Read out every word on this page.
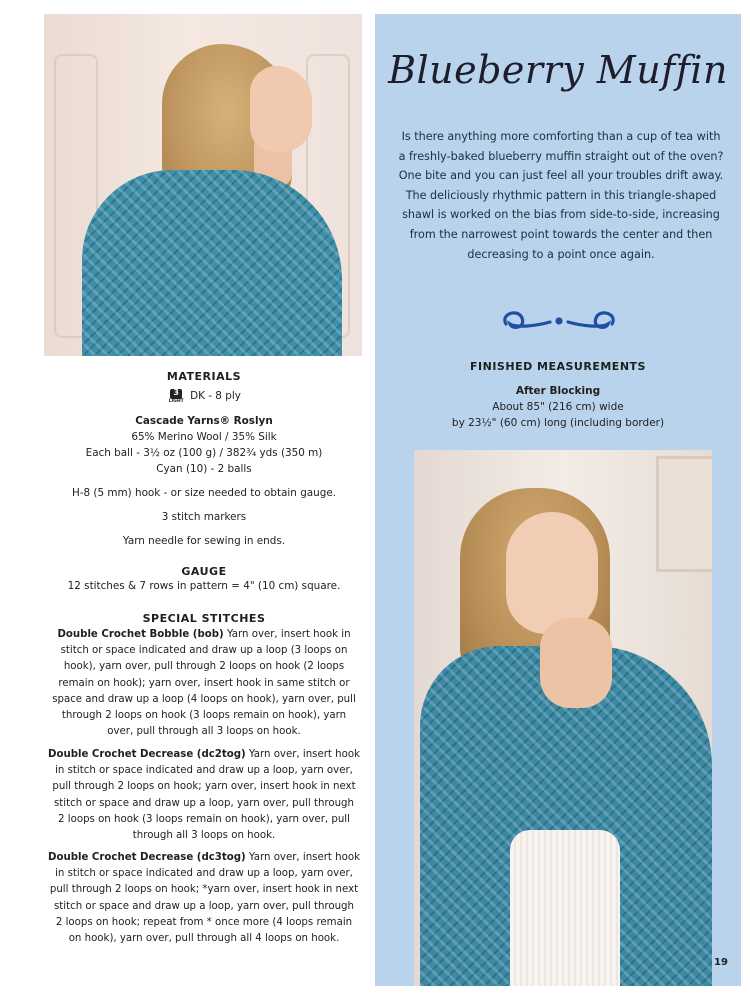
Blueberry Muffin
Is there anything more comforting than a cup of tea with a freshly-baked blueberry muffin straight out of the oven? One bite and you can just feel all your troubles drift away. The deliciously rhythmic pattern in this triangle-shaped shawl is worked on the bias from side-to-side, increasing from the narrowest point towards the center and then decreasing to a point once again.
FINISHED MEASUREMENTS
After Blocking
About 85" (216 cm) wide
by 23½" (60 cm) long (including border)
19
MATERIALS
3
LIGHT DK - 8 ply
Cascade Yarns® Roslyn
65% Merino Wool / 35% Silk
Each ball - 3½ oz (100 g) / 382¾ yds (350 m)
Cyan (10) - 2 balls
H-8 (5 mm) hook - or size needed to obtain gauge.
3 stitch markers
Yarn needle for sewing in ends.
GAUGE
12 stitches & 7 rows in pattern = 4" (10 cm) square.
SPECIAL STITCHES
Double Crochet Bobble (bob) Yarn over, insert hook in
stitch or space indicated and draw up a loop (3 loops on
hook), yarn over, pull through 2 loops on hook (2 loops
remain on hook); yarn over, insert hook in same stitch or
space and draw up a loop (4 loops on hook), yarn over, pull
through 2 loops on hook (3 loops remain on hook), yarn
over, pull through all 3 loops on hook.
Double Crochet Decrease (dc2tog) Yarn over, insert hook
in stitch or space indicated and draw up a loop, yarn over,
pull through 2 loops on hook; yarn over, insert hook in next
stitch or space and draw up a loop, yarn over, pull through
2 loops on hook (3 loops remain on hook), yarn over, pull
through all 3 loops on hook.
Double Crochet Decrease (dc3tog) Yarn over, insert hook
in stitch or space indicated and draw up a loop, yarn over,
pull through 2 loops on hook; *yarn over, insert hook in next
stitch or space and draw up a loop, yarn over, pull through
2 loops on hook; repeat from * once more (4 loops remain
on hook), yarn over, pull through all 4 loops on hook.
